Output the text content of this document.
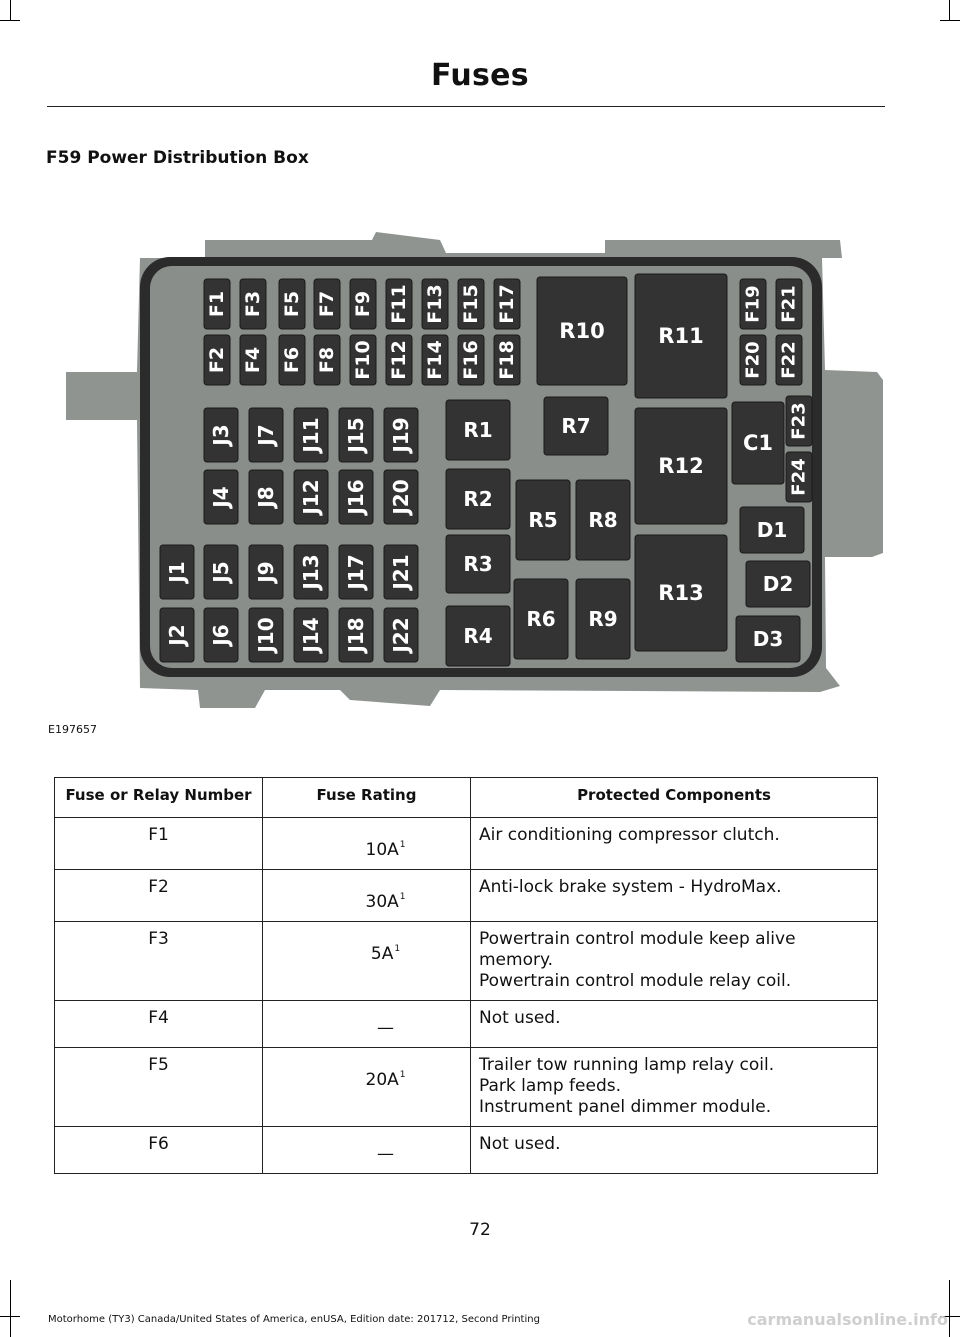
Fuses
F59 Power Distribution Box
F1 F3 F5 F7 F9 F11 F13 F15 F17
F2 F4 F6 F8 F10 F12 F14 F16 F18
F19
F20
F21
F22
F23
F24
J1
J2
J3
J4
J5
J6
J7
J8
J9
J10
J11
J12
J13
J14
J15
J16
J17
J18
J19
J20
J21
J22
R1
R2
R3
R4
R5
R6
R7
R8
R9
R10	R11
R12
R13
C1
D1
D2
D3
E197657
Fuse or Relay Number	Fuse Rating	Protected Components
F1	$10A^1$	Air conditioning compressor clutch.

F2	$30A^1$	Anti-lock brake system - HydroMax.

F3	$5A^1$	Powertrain control module keep alive memory.
Powertrain control module relay coil.

F4	—	Not used.

F5	$20A^1$	Trailer tow running lamp relay coil.
Park lamp feeds.
Instrument panel dimmer module.

F6	—	Not used.
72
Motorhome (TY3) Canada/United States of America, enUSA, Edition date: 201712, Second Printing	carmanualsonline.info
